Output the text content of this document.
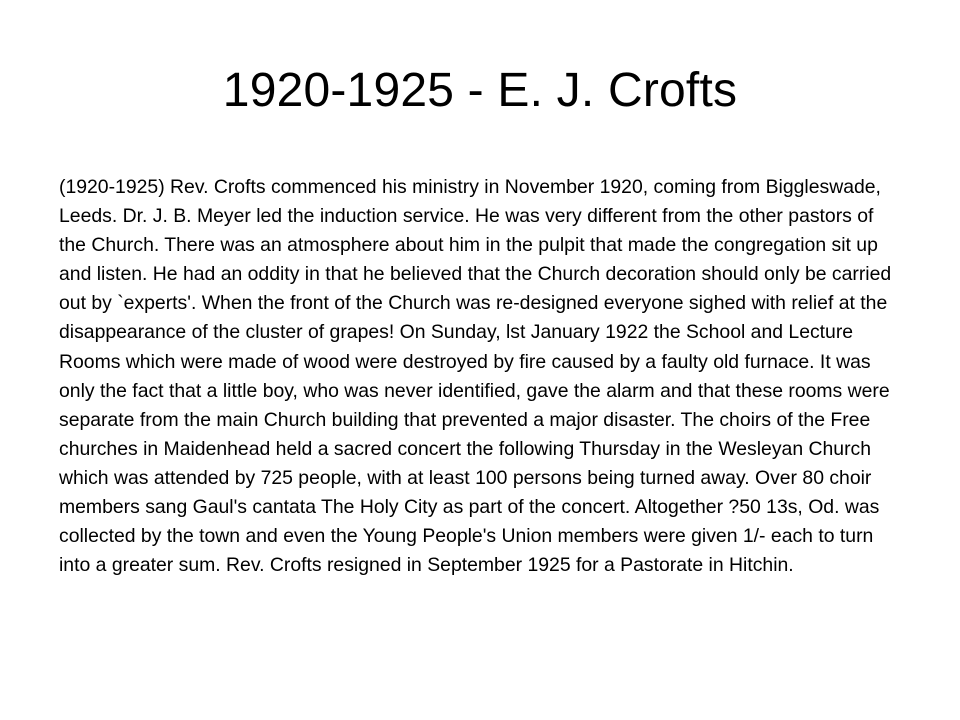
1920-1925 - E. J. Crofts

(1920-1925) Rev. Crofts commenced his ministry in November 1920, coming from Biggleswade, Leeds. Dr. J. B. Meyer led the induction service. He was very different from the other pastors of the Church. There was an atmosphere about him in the pulpit that made the congregation sit up and listen. He had an oddity in that he believed that the Church decoration should only be carried out by `experts'. When the front of the Church was re-designed everyone sighed with relief at the disappearance of the cluster of grapes! On Sunday, lst January 1922 the School and Lecture Rooms which were made of wood were destroyed by fire caused by a faulty old furnace. It was only the fact that a little boy, who was never identified, gave the alarm and that these rooms were separate from the main Church building that prevented a major disaster. The choirs of the Free churches in Maidenhead held a sacred concert the following Thursday in the Wesleyan Church which was attended by 725 people, with at least 100 persons being turned away. Over 80 choir members sang Gaul's cantata The Holy City as part of the concert. Altogether ?50 13s, Od. was collected by the town and even the Young People's Union members were given 1/- each to turn into a greater sum. Rev. Crofts resigned in September 1925 for a Pastorate in Hitchin.
